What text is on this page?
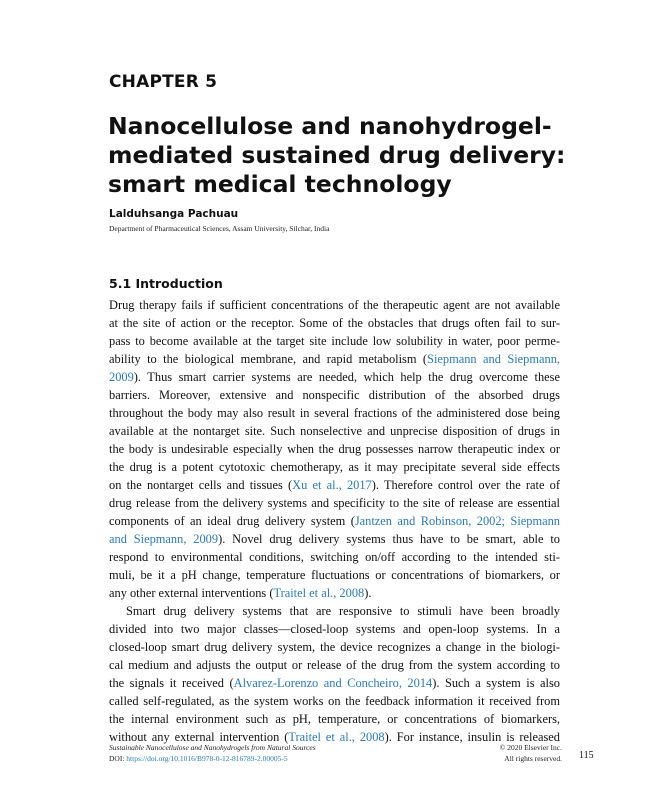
CHAPTER 5
Nanocellulose and nanohydrogel-
mediated sustained drug delivery:
smart medical technology
Lalduhsanga Pachuau
Department of Pharmaceutical Sciences, Assam University, Silchar, India
5.1 Introduction
Drug therapy fails if sufficient concentrations of the therapeutic agent are not available
at the site of action or the receptor. Some of the obstacles that drugs often fail to sur-
pass to become available at the target site include low solubility in water, poor perme-
ability to the biological membrane, and rapid metabolism (Siepmann and Siepmann,
2009). Thus smart carrier systems are needed, which help the drug overcome these
barriers. Moreover, extensive and nonspecific distribution of the absorbed drugs
throughout the body may also result in several fractions of the administered dose being
available at the nontarget site. Such nonselective and unprecise disposition of drugs in
the body is undesirable especially when the drug possesses narrow therapeutic index or
the drug is a potent cytotoxic chemotherapy, as it may precipitate several side effects
on the nontarget cells and tissues (Xu et al., 2017). Therefore control over the rate of
drug release from the delivery systems and specificity to the site of release are essential
components of an ideal drug delivery system (Jantzen and Robinson, 2002; Siepmann
and Siepmann, 2009). Novel drug delivery systems thus have to be smart, able to
respond to environmental conditions, switching on/off according to the intended sti-
muli, be it a pH change, temperature fluctuations or concentrations of biomarkers, or
any other external interventions (Traitel et al., 2008).
Smart drug delivery systems that are responsive to stimuli have been broadly
divided into two major classes—closed-loop systems and open-loop systems. In a
closed-loop smart drug delivery system, the device recognizes a change in the biologi-
cal medium and adjusts the output or release of the drug from the system according to
the signals it received (Alvarez-Lorenzo and Concheiro, 2014). Such a system is also
called self-regulated, as the system works on the feedback information it received from
the internal environment such as pH, temperature, or concentrations of biomarkers,
without any external intervention (Traitel et al., 2008). For instance, insulin is released
Sustainable Nanocellulose and Nanohydrogels from Natural Sources
DOI: https://doi.org/10.1016/B978-0-12-816789-2.00005-5
© 2020 Elsevier Inc.
All rights reserved. 115
